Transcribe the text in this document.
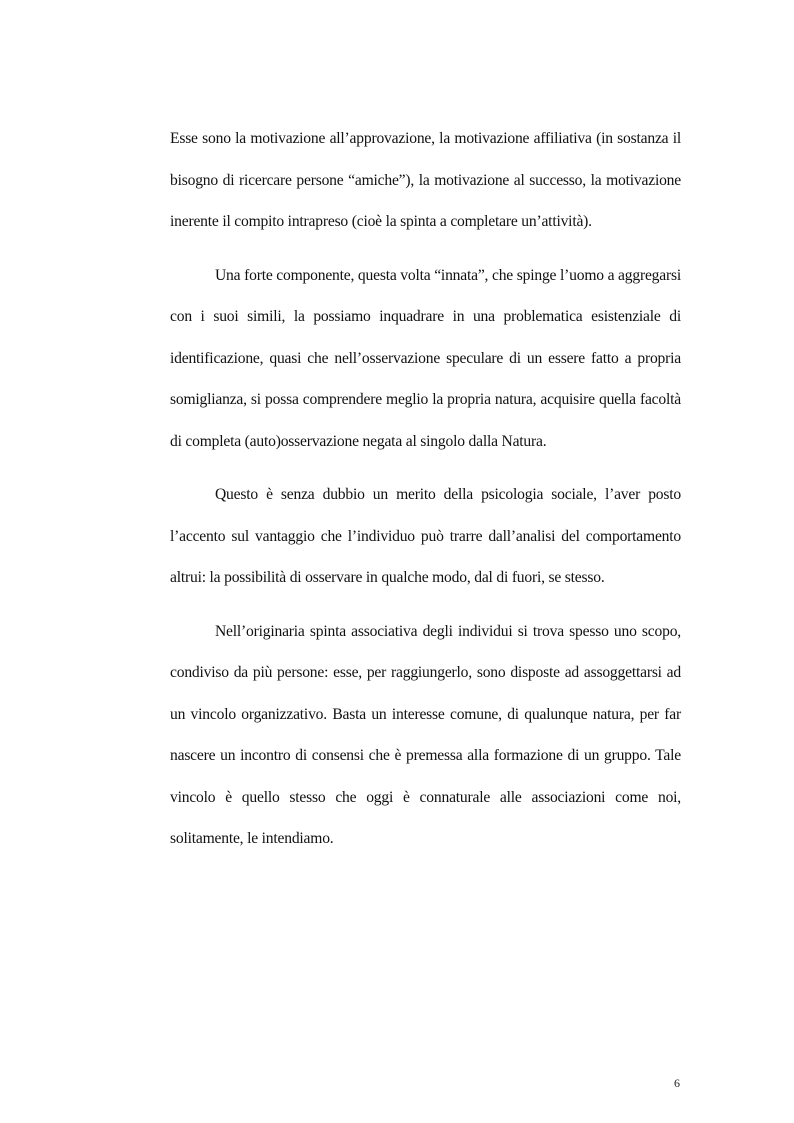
Esse sono la motivazione all’approvazione, la motivazione affiliativa (in sostanza il bisogno di ricercare persone “amiche”), la motivazione al successo, la motivazione inerente il compito intrapreso (cioè la spinta a completare un’attività).

Una forte componente, questa volta “innata”, che spinge l’uomo a aggregarsi con i suoi simili, la possiamo inquadrare in una problematica esistenziale di identificazione, quasi che nell’osservazione speculare di un essere fatto a propria somiglianza, si possa comprendere meglio la propria natura, acquisire quella facoltà di completa (auto)osservazione negata al singolo dalla Natura.

Questo è senza dubbio un merito della psicologia sociale, l’aver posto l’accento sul vantaggio che l’individuo può trarre dall’analisi del comportamento altrui: la possibilità di osservare in qualche modo, dal di fuori, se stesso.

Nell’originaria spinta associativa degli individui si trova spesso uno scopo, condiviso da più persone: esse, per raggiungerlo, sono disposte ad assoggettarsi ad un vincolo organizzativo. Basta un interesse comune, di qualunque natura, per far nascere un incontro di consensi che è premessa alla formazione di un gruppo. Tale vincolo è quello stesso che oggi è connaturale alle associazioni come noi, solitamente, le intendiamo.

6
